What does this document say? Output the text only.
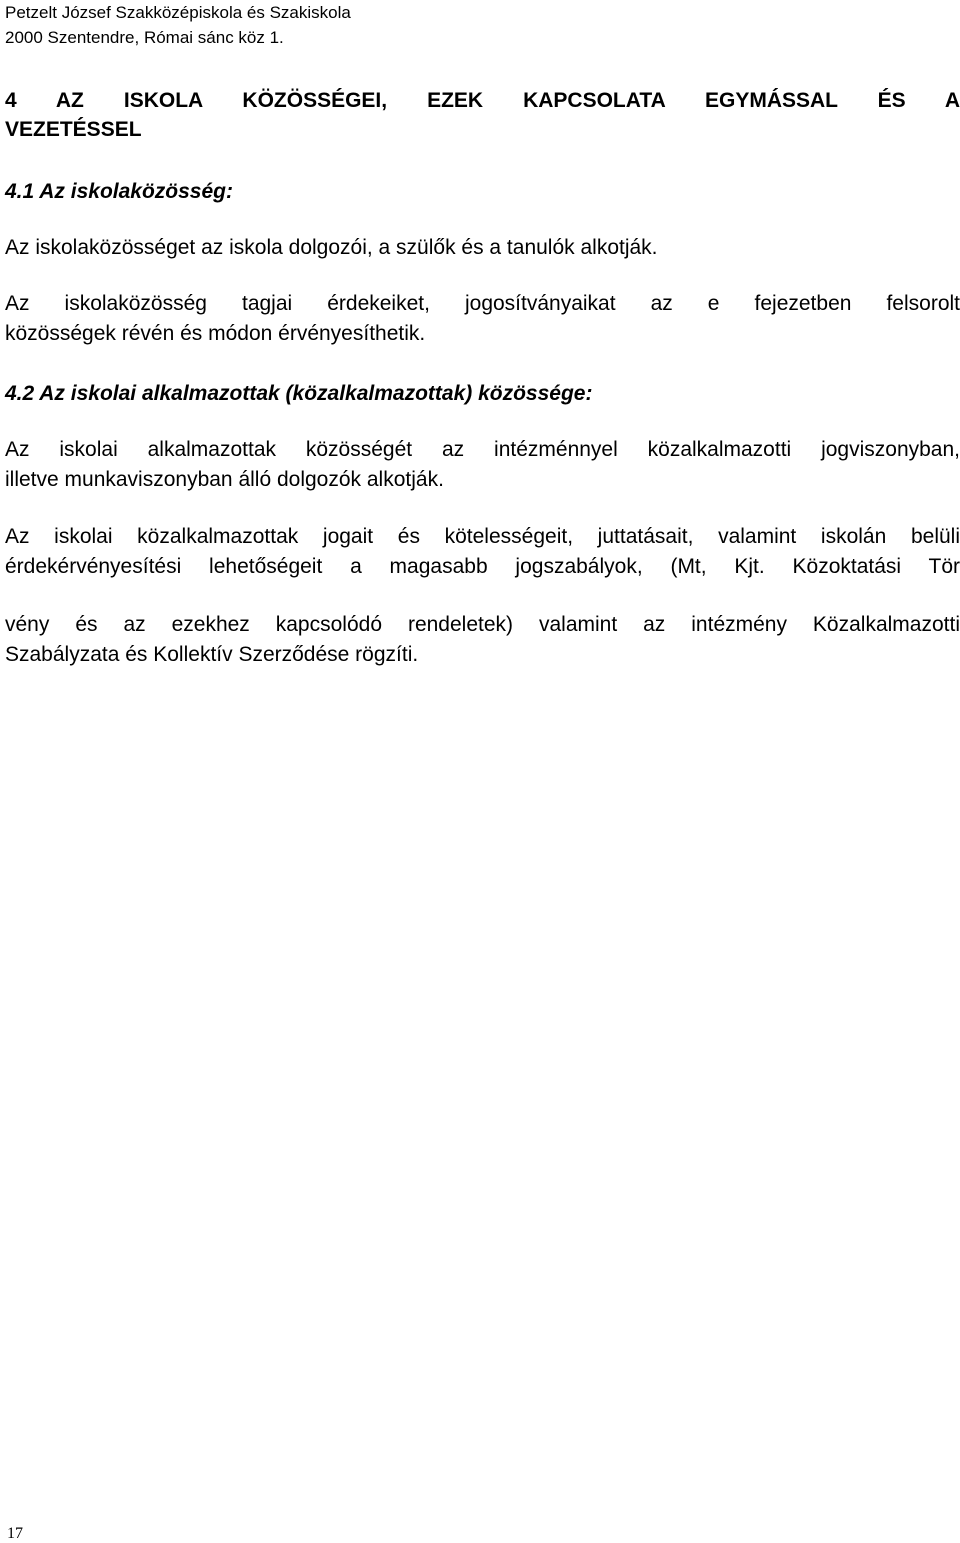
Petzelt József Szakközépiskola és Szakiskola
2000 Szentendre, Római sánc köz 1.
4 AZ ISKOLA KÖZÖSSÉGEI, EZEK KAPCSOLATA EGYMÁSSAL ÉS A
VEZETÉSSEL
4.1 Az iskolaközösség:
Az iskolaközösséget az iskola dolgozói, a szülők és a tanulók alkotják.
Az iskolaközösség tagjai érdekeiket, jogosítványaikat az e fejezetben felsorolt
közösségek révén és módon érvényesíthetik.
4.2 Az iskolai alkalmazottak (közalkalmazottak) közössége:
Az iskolai alkalmazottak közösségét az intézménnyel közalkalmazotti jogviszonyban,
illetve munkaviszonyban álló dolgozók alkotják.
Az iskolai közalkalmazottak jogait és kötelességeit, juttatásait, valamint iskolán belüli
érdekérvényesítési lehetőségeit a magasabb jogszabályok, (Mt, Kjt. Közoktatási Tör
vény és az ezekhez kapcsolódó rendeletek) valamint az intézmény Közalkalmazotti
Szabályzata és Kollektív Szerződése rögzíti.
17
